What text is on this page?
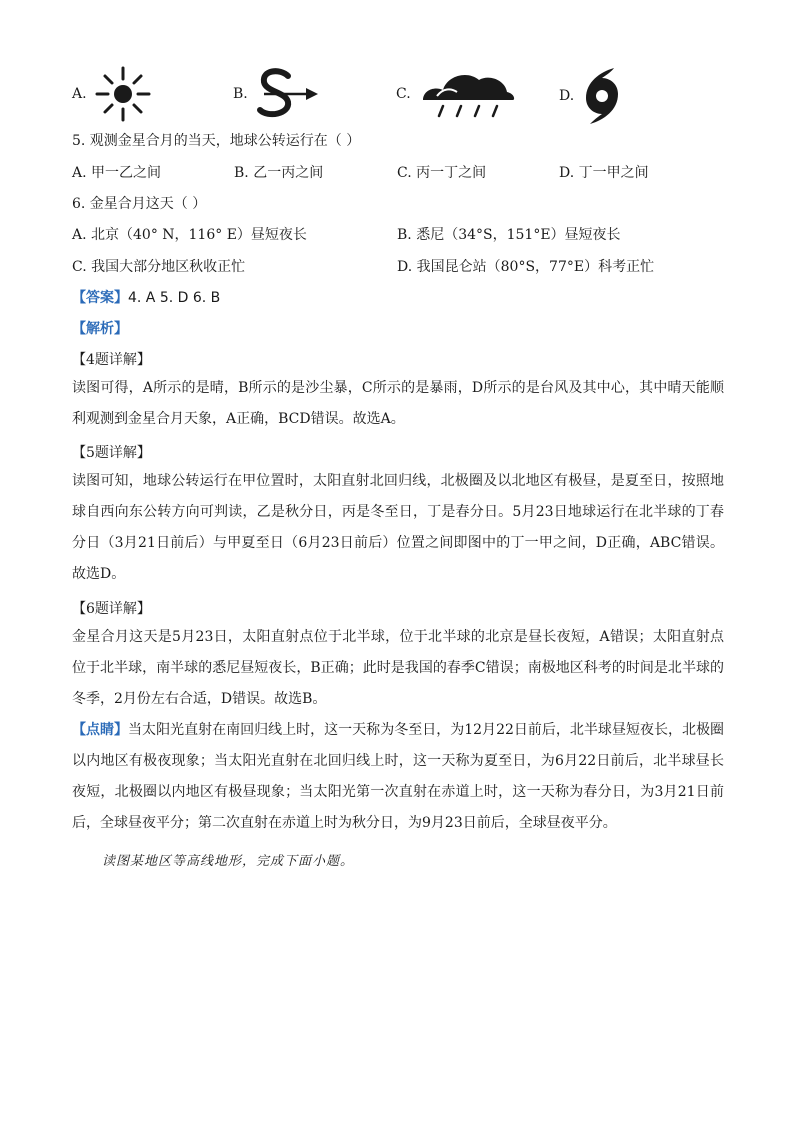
A.	B.	C.	D.
5. 观测金星合月的当天，地球公转运行在（ ）
A. 甲一乙之间	B. 乙一丙之间	C. 丙一丁之间	D. 丁一甲之间
6. 金星合月这天（ ）
A. 北京（40° N，116° E）昼短夜长	B. 悉尼（34°S，151°E）昼短夜长
C. 我国大部分地区秋收正忙	D. 我国昆仑站（80°S，77°E）科考正忙
【答案】4. A 5. D 6. B
【解析】
【4题详解】
读图可得，A所示的是晴，B所示的是沙尘暴，C所示的是暴雨，D所示的是台风及其中心，其中晴天能顺利观测到金星合月天象，A正确，BCD错误。故选A。
【5题详解】
读图可知，地球公转运行在甲位置时，太阳直射北回归线，北极圈及以北地区有极昼，是夏至日，按照地球自西向东公转方向可判读，乙是秋分日，丙是冬至日，丁是春分日。5月23日地球运行在北半球的丁春分日（3月21日前后）与甲夏至日（6月23日前后）位置之间即图中的丁一甲之间，D正确，ABC错误。故选D。
【6题详解】
金星合月这天是5月23日，太阳直射点位于北半球，位于北半球的北京是昼长夜短，A错误；太阳直射点位于北半球，南半球的悉尼昼短夜长，B正确；此时是我国的春季C错误；南极地区科考的时间是北半球的冬季，2月份左右合适，D错误。故选B。
【点睛】当太阳光直射在南回归线上时，这一天称为冬至日，为12月22日前后，北半球昼短夜长，北极圈以内地区有极夜现象；当太阳光直射在北回归线上时，这一天称为夏至日，为6月22日前后，北半球昼长夜短，北极圈以内地区有极昼现象；当太阳光第一次直射在赤道上时，这一天称为春分日，为3月21日前后，全球昼夜平分；第二次直射在赤道上时为秋分日，为9月23日前后，全球昼夜平分。
读图某地区等高线地形，完成下面小题。
